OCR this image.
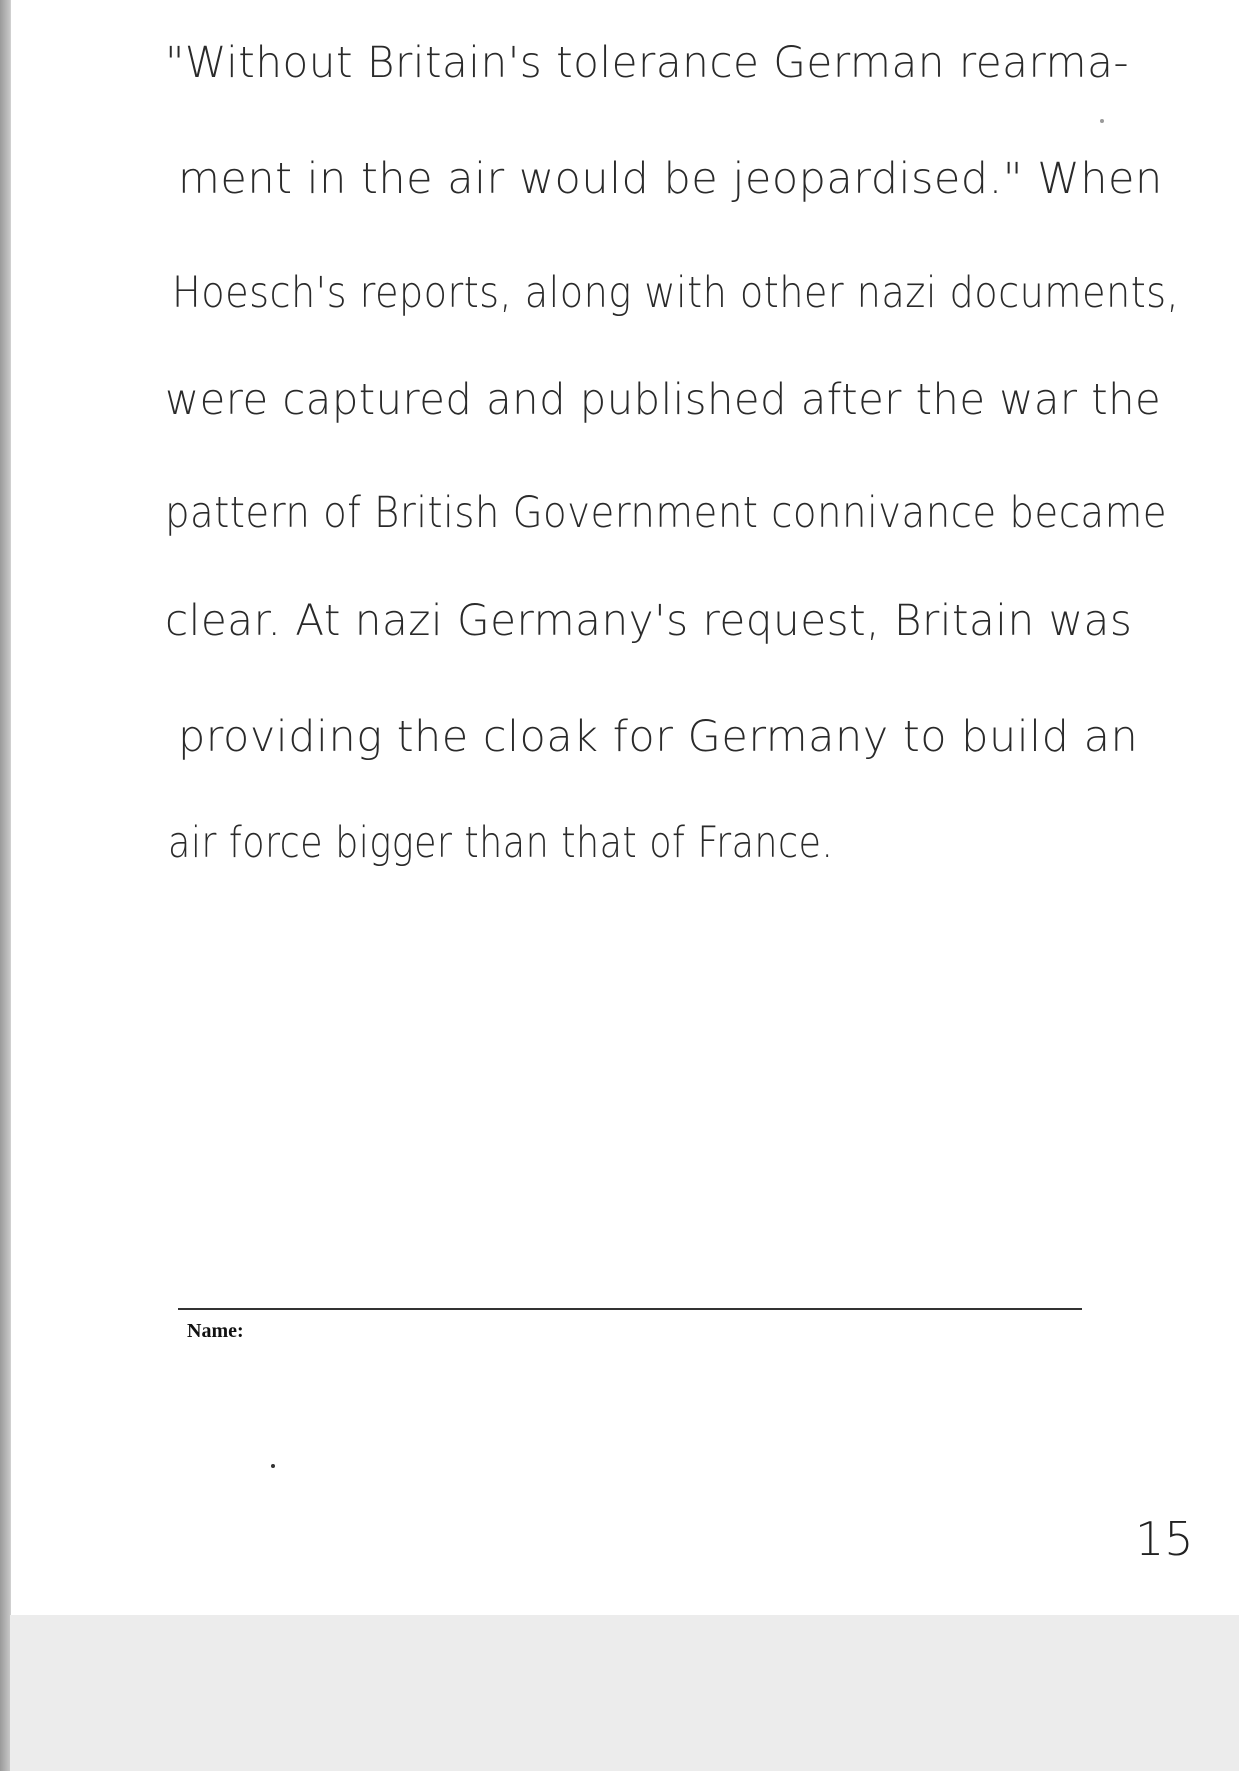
"Without Britain's tolerance German rearma-
ment in the air would be jeopardised." When
Hoesch's reports, along with other nazi documents,
were captured and published after the war the
pattern of British Government connivance became
clear. At nazi Germany's request, Britain was
providing the cloak for Germany to build an
air force bigger than that of France.
Name:
15
